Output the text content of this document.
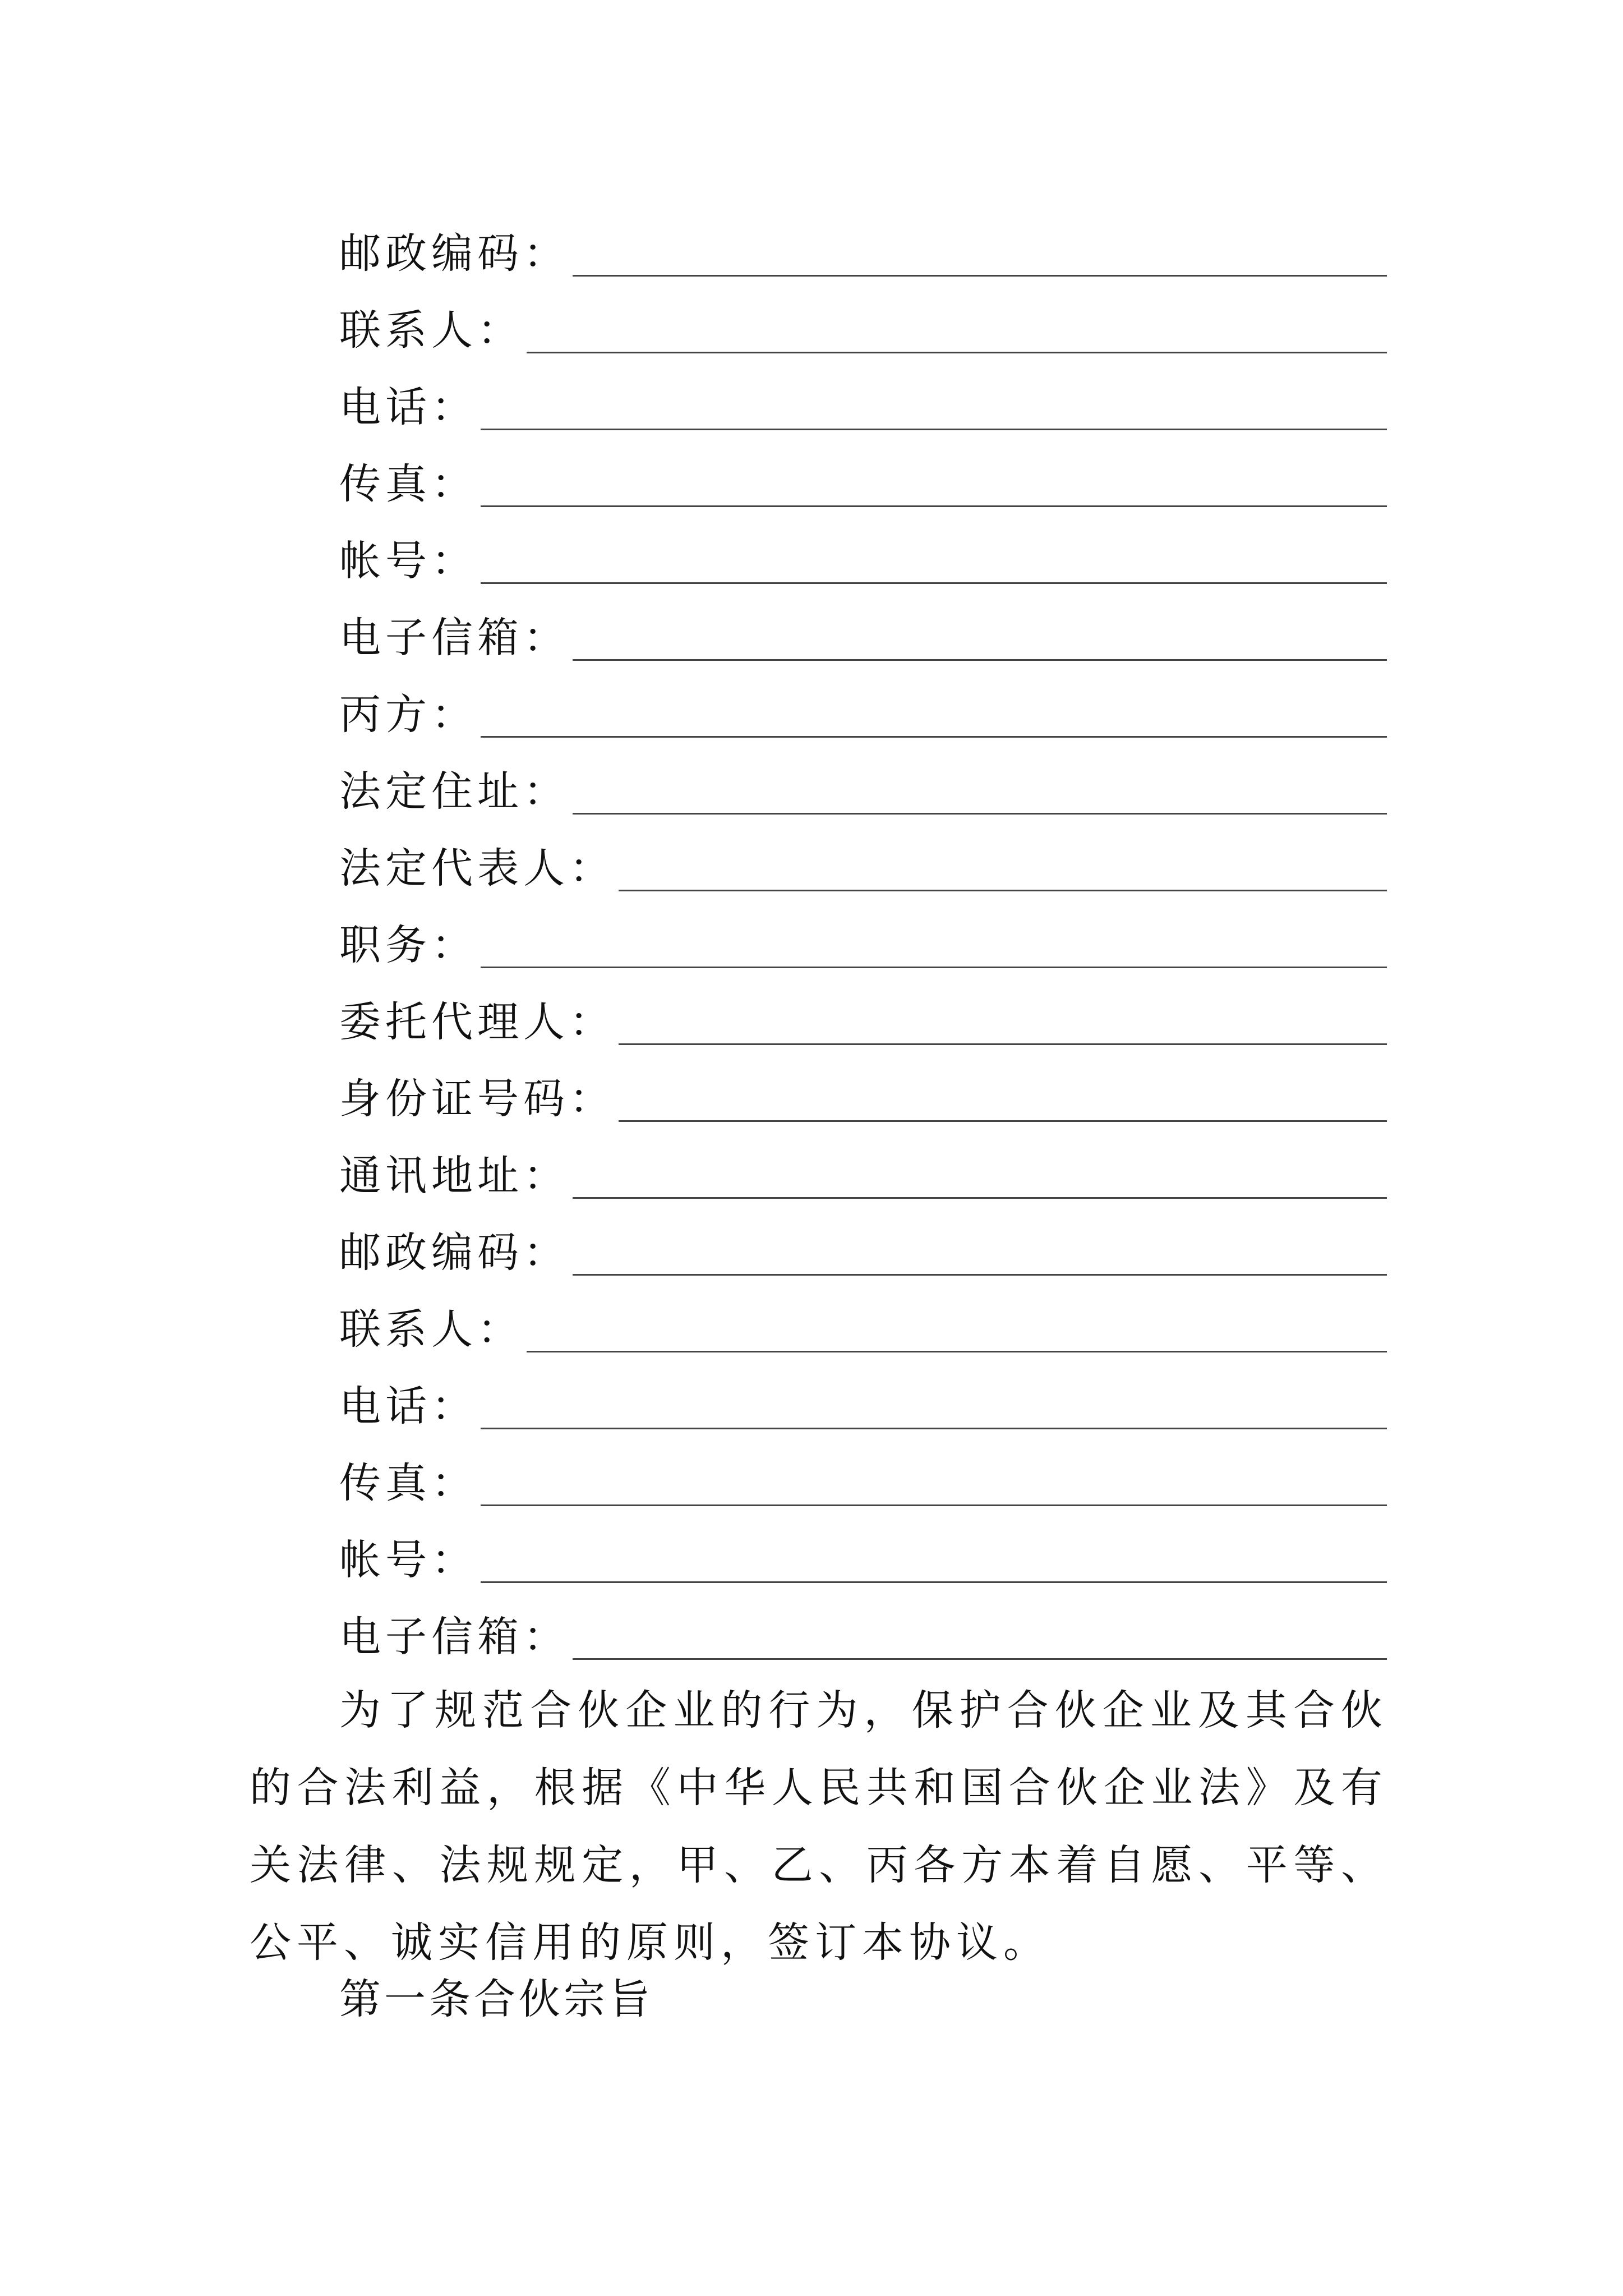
邮政编码：
联系人：
电话：
传真：
帐号：
电子信箱：
丙方：
法定住址：
法定代表人：
职务：
委托代理人：
身份证号码：
通讯地址：
邮政编码：
联系人：
电话：
传真：
帐号：
电子信箱：

为了规范合伙企业的行为，保护合伙企业及其合伙的合法利益，根据《中华人民共和国合伙企业法》及有关法律、法规规定，甲、乙、丙各方本着自愿、平等、公平、诚实信用的原则，签订本协议。

第一条合伙宗旨
